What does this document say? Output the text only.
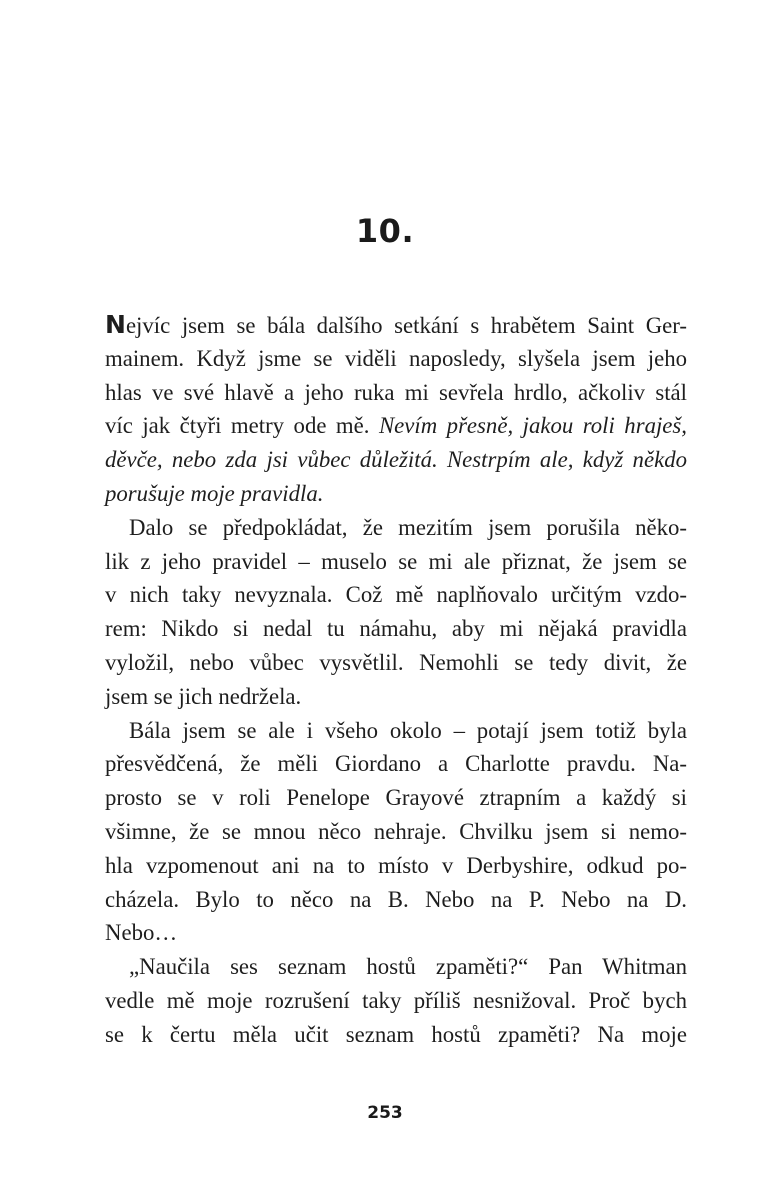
10.
Nejvíc jsem se bála dalšího setkání s hrabětem Saint Ger-
mainem. Když jsme se viděli naposledy, slyšela jsem jeho
hlas ve své hlavě a jeho ruka mi sevřela hrdlo, ačkoliv stál
víc jak čtyři metry ode mě. Nevím přesně, jakou roli hraješ,
děvče, nebo zda jsi vůbec důležitá. Nestrpím ale, když někdo
porušuje moje pravidla.
Dalo se předpokládat, že mezitím jsem porušila něko-
lik z jeho pravidel – muselo se mi ale přiznat, že jsem se
v nich taky nevyznala. Což mě naplňovalo určitým vzdo-
rem: Nikdo si nedal tu námahu, aby mi nějaká pravidla
vyložil, nebo vůbec vysvětlil. Nemohli se tedy divit, že
jsem se jich nedržela.
Bála jsem se ale i všeho okolo – potají jsem totiž byla
přesvědčená, že měli Giordano a Charlotte pravdu. Na-
prosto se v roli Penelope Grayové ztrapním a každý si
všimne, že se mnou něco nehraje. Chvilku jsem si nemo-
hla vzpomenout ani na to místo v Derbyshire, odkud po-
cházela. Bylo to něco na B. Nebo na P. Nebo na D.
Nebo…
„Naučila ses seznam hostů zpaměti?“ Pan Whitman
vedle mě moje rozrušení taky příliš nesnižoval. Proč bych
se k čertu měla učit seznam hostů zpaměti? Na moje
253
